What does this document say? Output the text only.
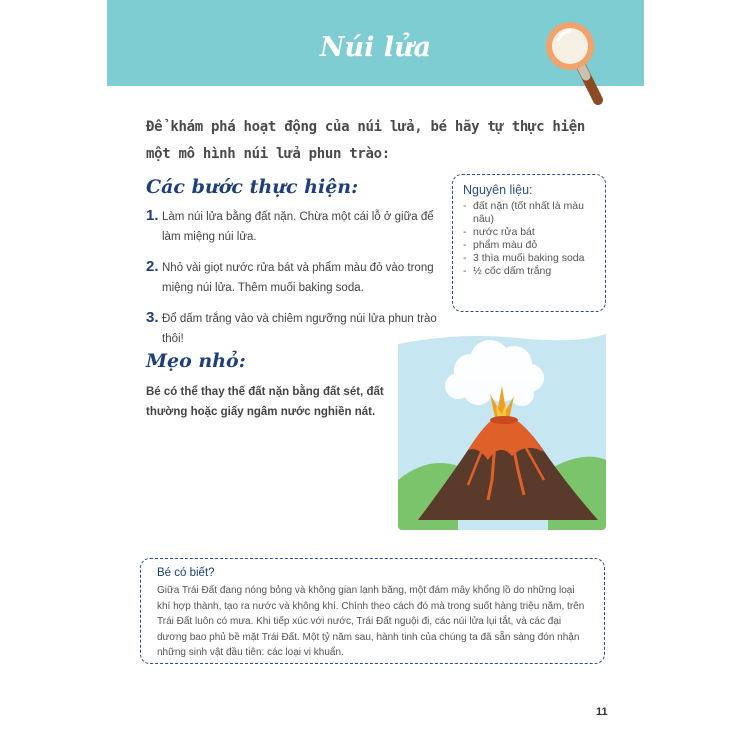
Núi lửa
Để khám phá hoạt động của núi lửa, bé hãy tự thực hiện một mô hình núi lửa phun trào:
Các bước thực hiện:
1. Làm núi lửa bằng đất nặn. Chừa một cái lỗ ở giữa để làm miệng núi lửa.
2. Nhỏ vài giọt nước rửa bát và phẩm màu đỏ vào trong miệng núi lửa. Thêm muối baking soda.
3. Đổ dấm trắng vào và chiêm ngưỡng núi lửa phun trào thôi!
Nguyên liệu:
- đất nặn (tốt nhất là màu nâu)
- nước rửa bát
- phẩm màu đỏ
- 3 thìa muối baking soda
- ½ cốc dấm trắng
Mẹo nhỏ:
Bé có thể thay thế đất nặn bằng đất sét, đất thường hoặc giấy ngâm nước nghiền nát.
Bé có biết?
Giữa Trái Đất đang nóng bỏng và không gian lạnh băng, một đám mây khổng lồ do những loại khí hợp thành, tạo ra nước và không khí. Chính theo cách đó mà trong suốt hàng triệu năm, trên Trái Đất luôn có mưa. Khi tiếp xúc với nước, Trái Đất nguội đi, các núi lửa lụi tắt, và các đại dương bao phủ bề mặt Trái Đất. Một tỷ năm sau, hành tinh của chúng ta đã sẵn sàng đón nhận những sinh vật đầu tiên: các loại vi khuẩn.
11
